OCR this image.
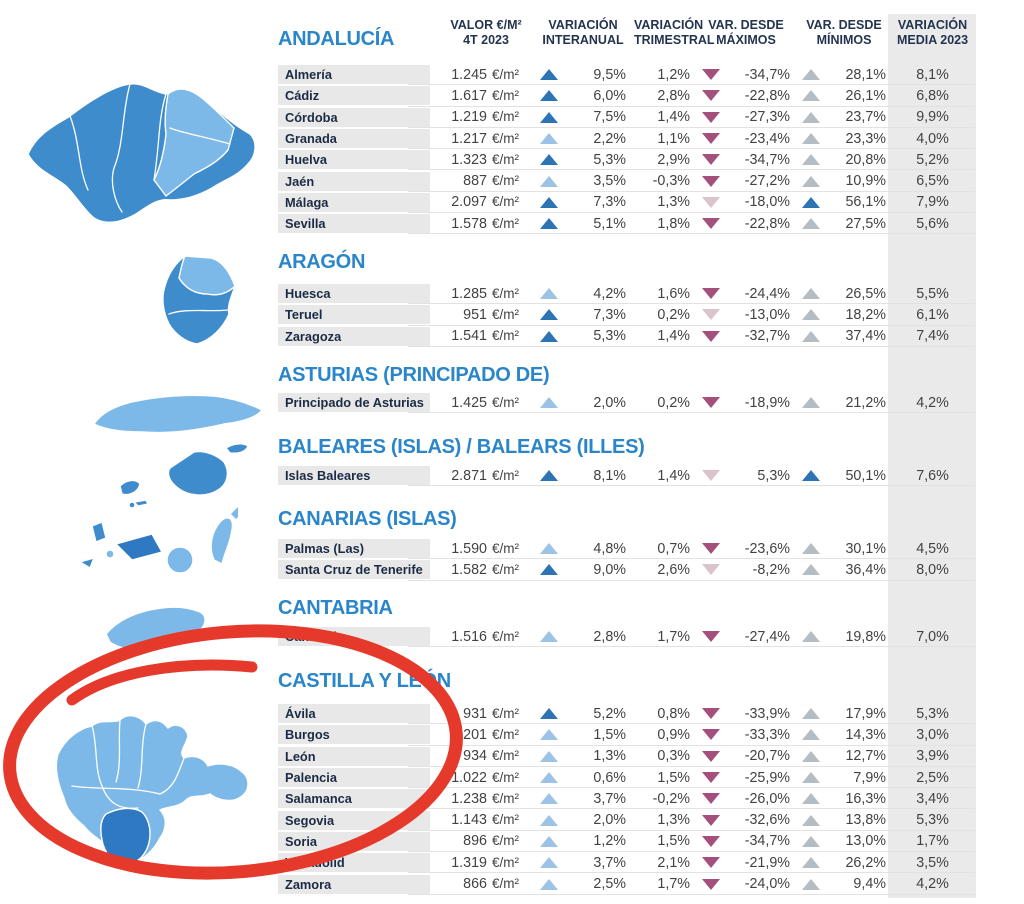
VALOR €/M²
4T 2023
VARIACIÓN
INTERANUAL
VARIACIÓN
TRIMESTRAL
VAR. DESDE
MÁXIMOS
VAR. DESDE
MÍNIMOS
VARIACIÓN
MEDIA 2023
ANDALUCÍA
ARAGÓN
ASTURIAS (PRINCIPADO DE)
BALEARES (ISLAS) / BALEARS (ILLES)
CANARIAS (ISLAS)
CANTABRIA
CASTILLA Y LEÓN
Almería	1.245 €/m²	9,5%	1,2%	-34,7%	28,1%	8,1%
Cádiz	1.617 €/m²	6,0%	2,8%	-22,8%	26,1%	6,8%
Córdoba	1.219 €/m²	7,5%	1,4%	-27,3%	23,7%	9,9%
Granada	1.217 €/m²	2,2%	1,1%	-23,4%	23,3%	4,0%
Huelva	1.323 €/m²	5,3%	2,9%	-34,7%	20,8%	5,2%
Jaén	887 €/m²	3,5%	-0,3%	-27,2%	10,9%	6,5%
Málaga	2.097 €/m²	7,3%	1,3%	-18,0%	56,1%	7,9%
Sevilla	1.578 €/m²	5,1%	1,8%	-22,8%	27,5%	5,6%
Huesca	1.285 €/m²	4,2%	1,6%	-24,4%	26,5%	5,5%
Teruel	951 €/m²	7,3%	0,2%	-13,0%	18,2%	6,1%
Zaragoza	1.541 €/m²	5,3%	1,4%	-32,7%	37,4%	7,4%
Principado de Asturias	1.425 €/m²	2,0%	0,2%	-18,9%	21,2%	4,2%
Islas Baleares	2.871 €/m²	8,1%	1,4%	5,3%	50,1%	7,6%
Palmas (Las)	1.590 €/m²	4,8%	0,7%	-23,6%	30,1%	4,5%
Santa Cruz de Tenerife	1.582 €/m²	9,0%	2,6%	-8,2%	36,4%	8,0%
Cantabria	1.516 €/m²	2,8%	1,7%	-27,4%	19,8%	7,0%
Ávila	931 €/m²	5,2%	0,8%	-33,9%	17,9%	5,3%
Burgos	1.201 €/m²	1,5%	0,9%	-33,3%	14,3%	3,0%
León	934 €/m²	1,3%	0,3%	-20,7%	12,7%	3,9%
Palencia	1.022 €/m²	0,6%	1,5%	-25,9%	7,9%	2,5%
Salamanca	1.238 €/m²	3,7%	-0,2%	-26,0%	16,3%	3,4%
Segovia	1.143 €/m²	2,0%	1,3%	-32,6%	13,8%	5,3%
Soria	896 €/m²	1,2%	1,5%	-34,7%	13,0%	1,7%
Valladolid	1.319 €/m²	3,7%	2,1%	-21,9%	26,2%	3,5%
Zamora	866 €/m²	2,5%	1,7%	-24,0%	9,4%	4,2%
